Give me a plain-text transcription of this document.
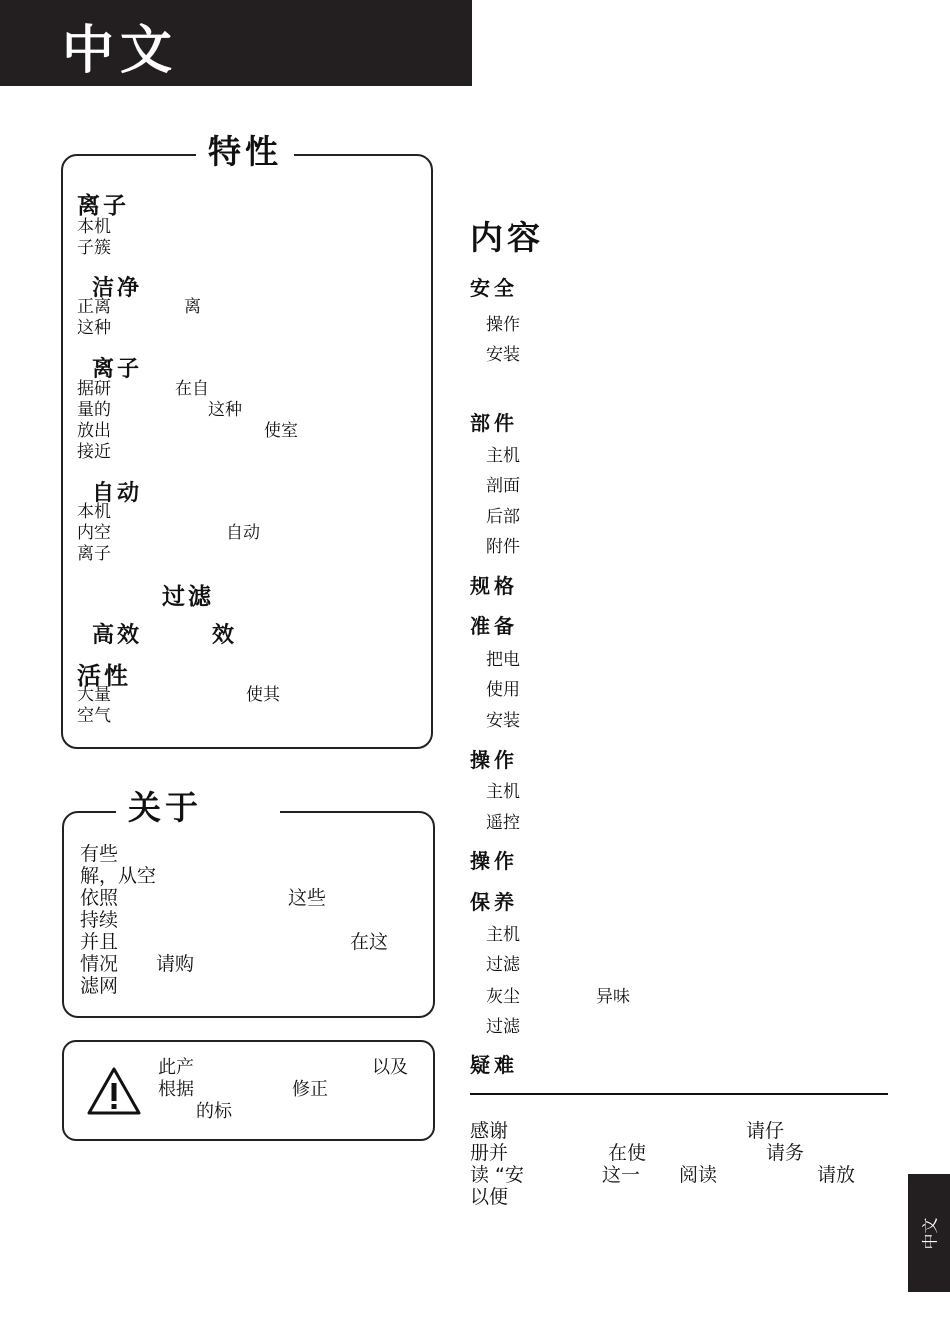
中文
特性
离子
本机
子簇
洁净
正离	离
这种
离子
据研	在自
量的	这种
放出	使室
接近
自动
本机
内空	自动
离子
过滤
高效	效
活性
大量	使其
空气
关于
有些
解，从空
依照	这些
持续
并且	在这
情况 请购
滤网
此产	以及
根据	修正
的标
内容
安全
操作
安装
部件
主机
剖面
后部
附件
规格
准备
把电
使用
安装
操作
主机
遥控
操作
保养
主机
过滤
灰尘	异味
过滤
疑难
感谢	请仔
册并	在使	请务
读 “安	这一 阅读	请放
以便
中文
